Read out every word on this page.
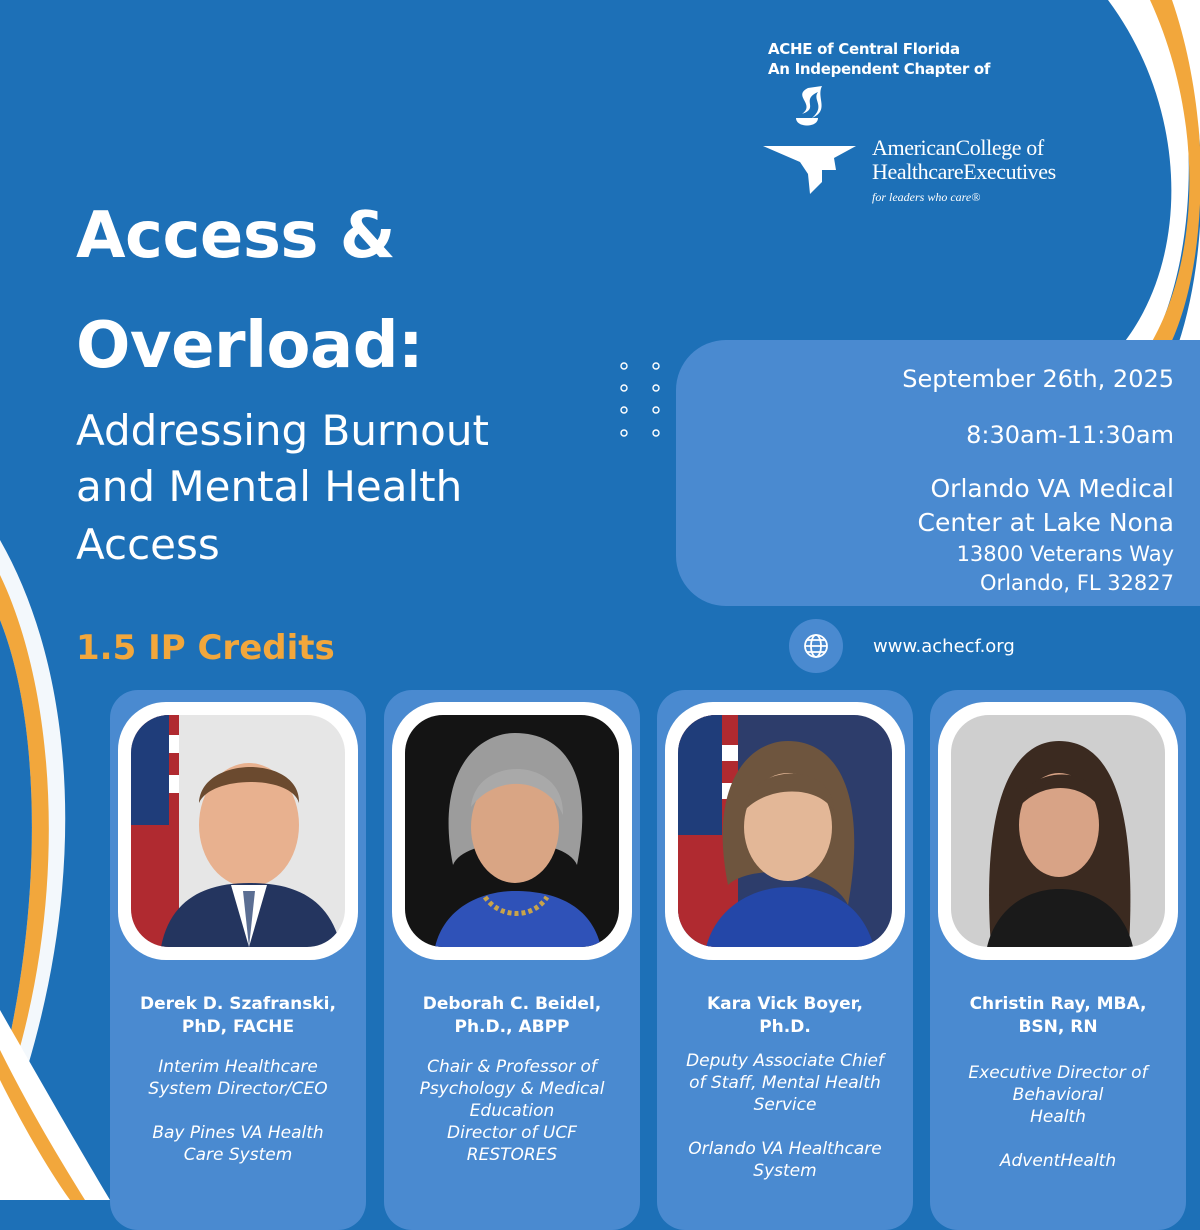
ACHE of Central Florida
An Independent Chapter of
AmericanCollege of
HealthcareExecutives
for leaders who care®
Access &
Overload:
Addressing Burnout
and Mental Health
Access
September 26th, 2025
8:30am-11:30am
Orlando VA Medical
Center at Lake Nona
13800 Veterans Way
Orlando, FL 32827
1.5 IP Credits	www.achecf.org
Derek D. Szafranski,
PhD, FACHE
Interim Healthcare
System Director/CEO
Bay Pines VA Health
Care System
Deborah C. Beidel,
Ph.D., ABPP
Chair & Professor of
Psychology & Medical
Education
Director of UCF
RESTORES
Kara Vick Boyer,
Ph.D.
Deputy Associate Chief
of Staff, Mental Health
Service
Orlando VA Healthcare
System
Christin Ray, MBA,
BSN, RN
Executive Director of
Behavioral
Health
AdventHealth
